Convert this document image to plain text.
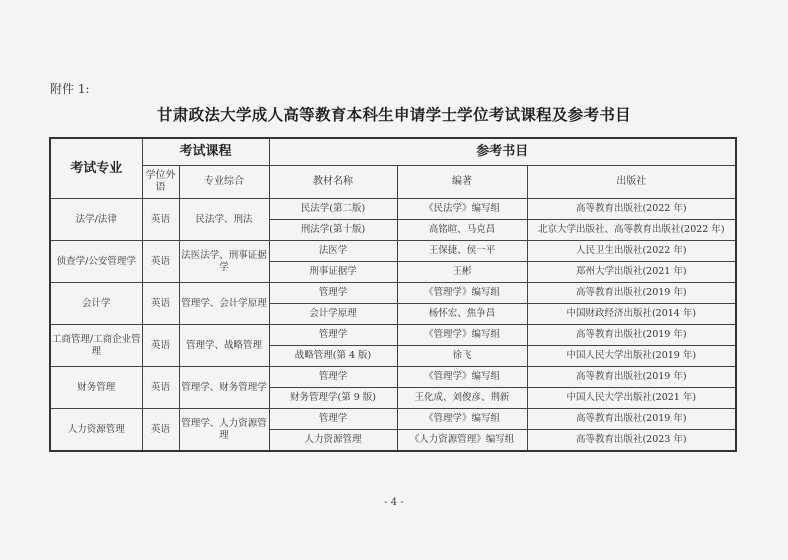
附件 1:
甘肃政法大学成人高等教育本科生申请学士学位考试课程及参考书目
考试专业	考试课程		参考书目		
	学位外语	专业综合	教材名称	编著	出版社
法学/法律	英语	民法学、刑法	民法学(第二版)	《民法学》编写组	高等教育出版社(2022 年)
			刑法学(第十版)	高铭暄、马克昌	北京大学出版社、高等教育出版社(2022 年)
侦查学/公安管理学	英语	法医法学、刑事证据学	法医学	王保捷、侯一平	人民卫生出版社(2022 年)
			刑事证据学	王彬	郑州大学出版社(2021 年)
会计学	英语	管理学、会计学原理	管理学	《管理学》编写组	高等教育出版社(2019 年)
			会计学原理	杨怀宏、焦争昌	中国财政经济出版社(2014 年)
工商管理/工商企业管理	英语	管理学、战略管理	管理学	《管理学》编写组	高等教育出版社(2019 年)
			战略管理(第 4 版)	徐飞	中国人民大学出版社(2019 年)
财务管理	英语	管理学、财务管理学	管理学	《管理学》编写组	高等教育出版社(2019 年)
			财务管理学(第 9 版)	王化成、刘俊彦、荆新	中国人民大学出版社(2021 年)
人力资源管理	英语	管理学、人力资源管理	管理学	《管理学》编写组	高等教育出版社(2019 年)
			人力资源管理	《人力资源管理》编写组	高等教育出版社(2023 年)
- 4 -
